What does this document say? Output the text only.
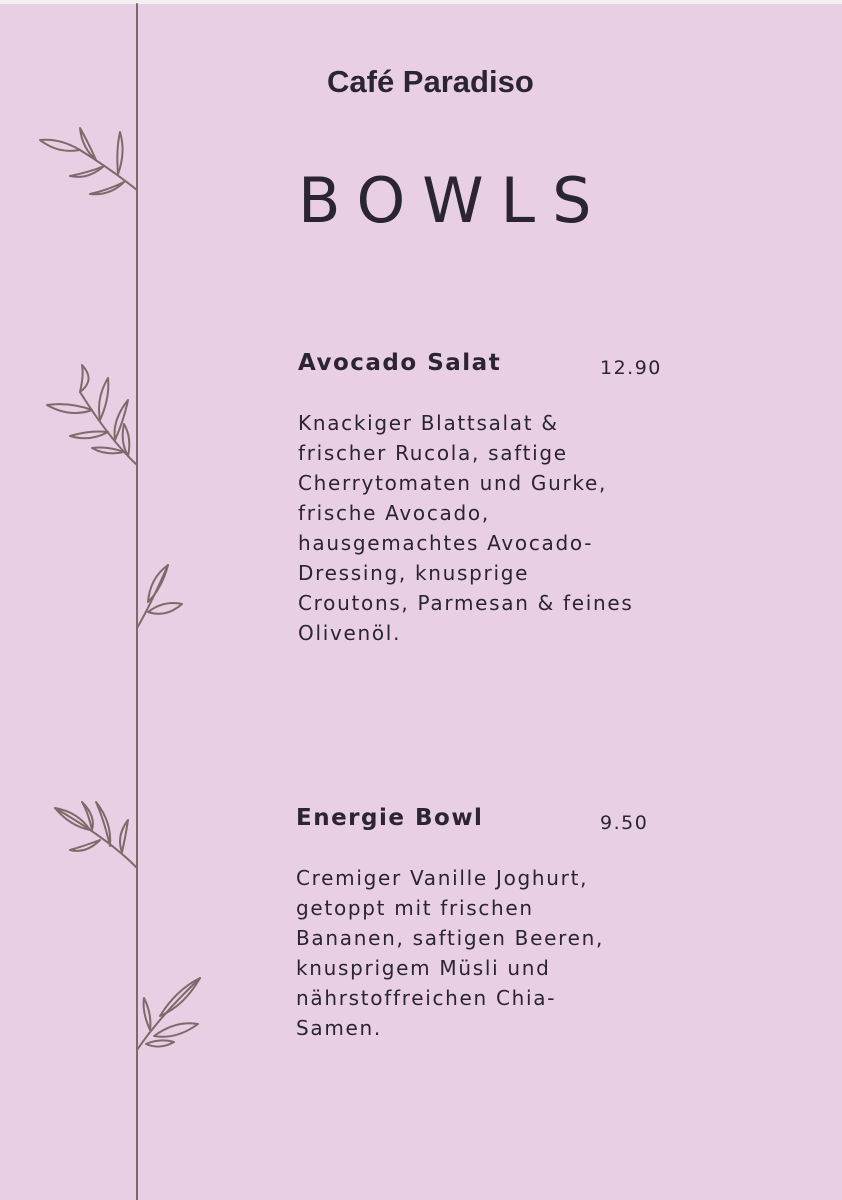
Café Paradiso
BOWLS
Avocado Salat	12.90
Knackiger Blattsalat &
frischer Rucola, saftige
Cherrytomaten und Gurke,
frische Avocado,
hausgemachtes Avocado-
Dressing, knusprige
Croutons, Parmesan & feines
Olivenöl.
Energie Bowl	9.50
Cremiger Vanille Joghurt,
getoppt mit frischen
Bananen, saftigen Beeren,
knusprigem Müsli und
nährstoffreichen Chia-
Samen.
